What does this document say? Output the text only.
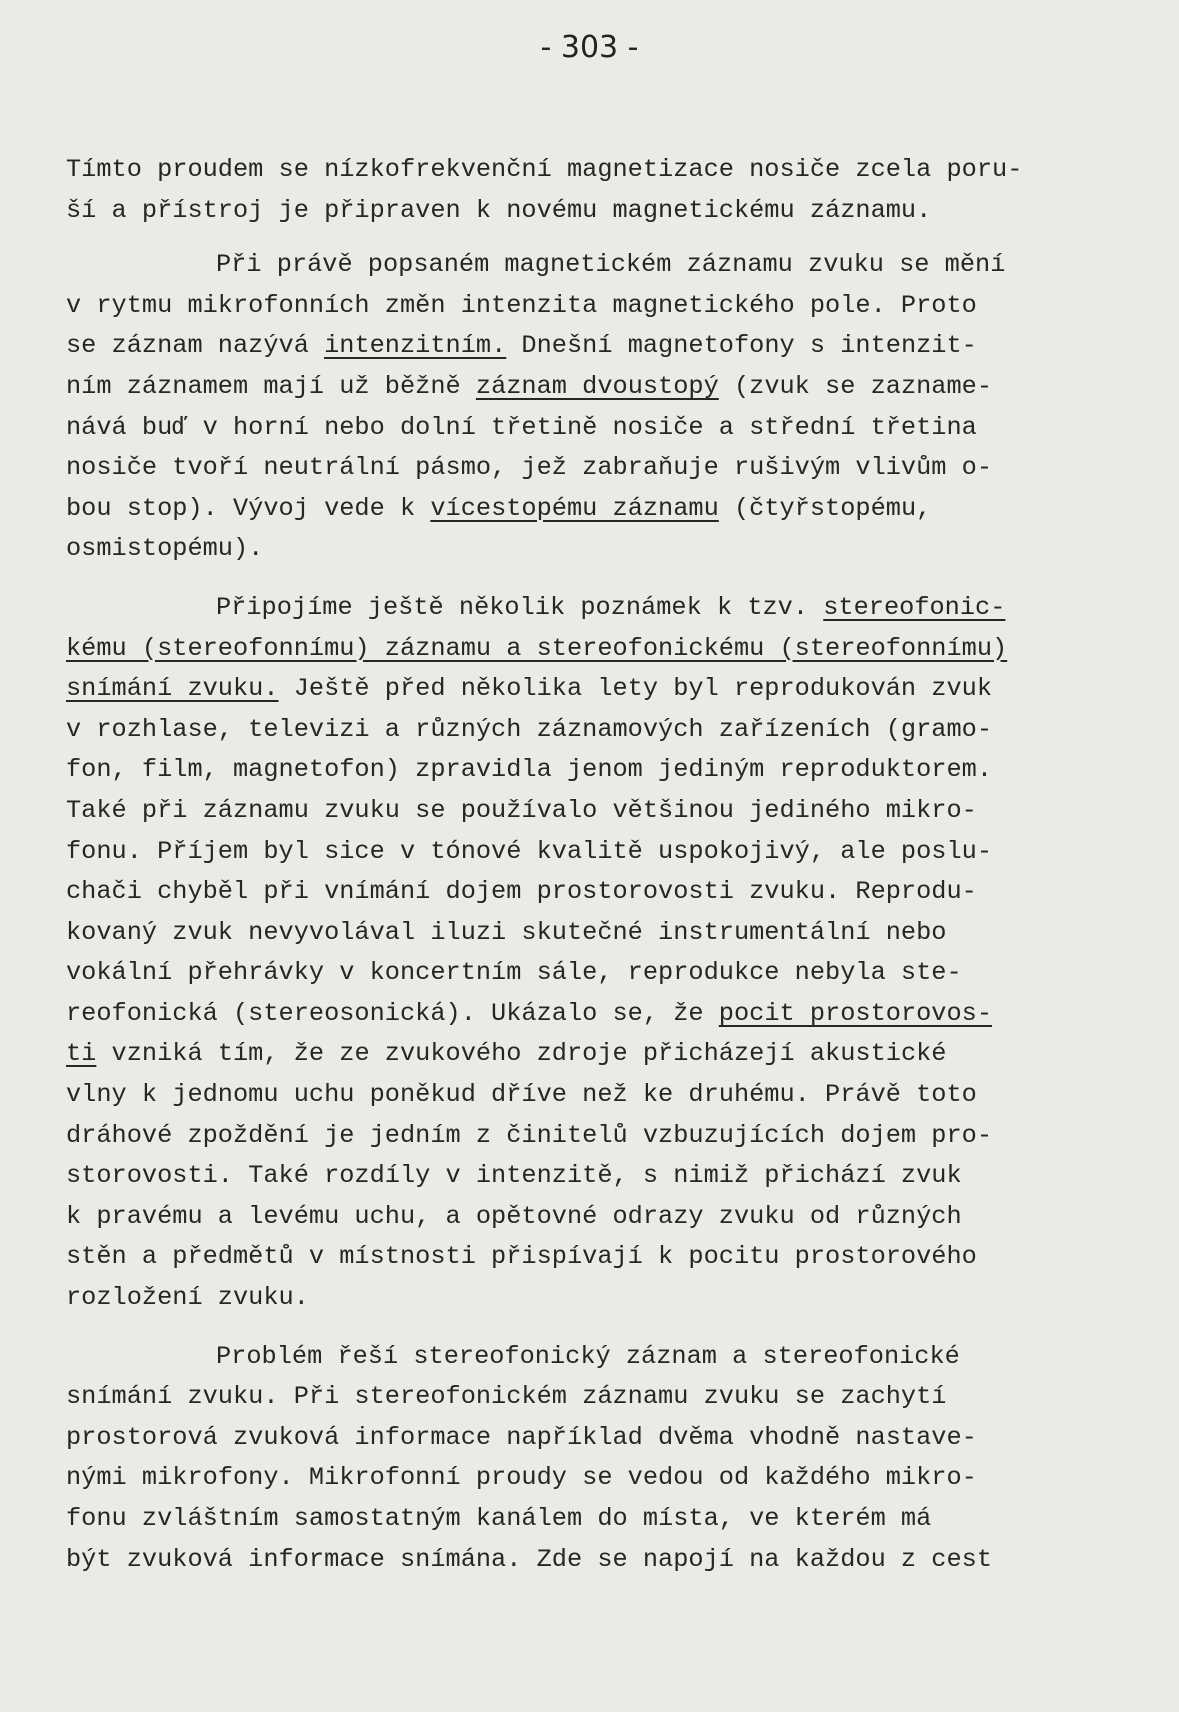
- 303 -
Tímto proudem se nízkofrekvenční magnetizace nosiče zcela poru-
ší a přístroj je připraven k novému magnetickému záznamu.
Při právě popsaném magnetickém záznamu zvuku se mění
v rytmu mikrofonních změn intenzita magnetického pole. Proto
se záznam nazývá intenzitním. Dnešní magnetofony s intenzit-
ním záznamem mají už běžně záznam dvoustopý (zvuk se zazname-
nává buď v horní nebo dolní třetině nosiče a střední třetina
nosiče tvoří neutrální pásmo, jež zabraňuje rušivým vlivům o-
bou stop). Vývoj vede k vícestopému záznamu (čtyřstopému,
osmistopému).
Připojíme ještě několik poznámek k tzv. stereofonic-
kému (stereofonnímu) záznamu a stereofonickému (stereofonnímu)
snímání zvuku. Ještě před několika lety byl reprodukován zvuk
v rozhlase, televizi a různých záznamových zařízeních (gramo-
fon, film, magnetofon) zpravidla jenom jediným reproduktorem.
Také při záznamu zvuku se používalo většinou jediného mikro-
fonu. Příjem byl sice v tónové kvalitě uspokojivý, ale poslu-
chači chyběl při vnímání dojem prostorovosti zvuku. Reprodu-
kovaný zvuk nevyvolával iluzi skutečné instrumentální nebo
vokální přehrávky v koncertním sále, reprodukce nebyla ste-
reofonická (stereosonická). Ukázalo se, že pocit prostorovos-
ti vzniká tím, že ze zvukového zdroje přicházejí akustické
vlny k jednomu uchu poněkud dříve než ke druhému. Právě toto
dráhové zpoždění je jedním z činitelů vzbuzujících dojem pro-
storovosti. Také rozdíly v intenzitě, s nimiž přichází zvuk
k pravému a levému uchu, a opětovné odrazy zvuku od různých
stěn a předmětů v místnosti přispívají k pocitu prostorového
rozložení zvuku.
Problém řeší stereofonický záznam a stereofonické
snímání zvuku. Při stereofonickém záznamu zvuku se zachytí
prostorová zvuková informace například dvěma vhodně nastave-
nými mikrofony. Mikrofonní proudy se vedou od každého mikro-
fonu zvláštním samostatným kanálem do místa, ve kterém má
být zvuková informace snímána. Zde se napojí na každou z cest
